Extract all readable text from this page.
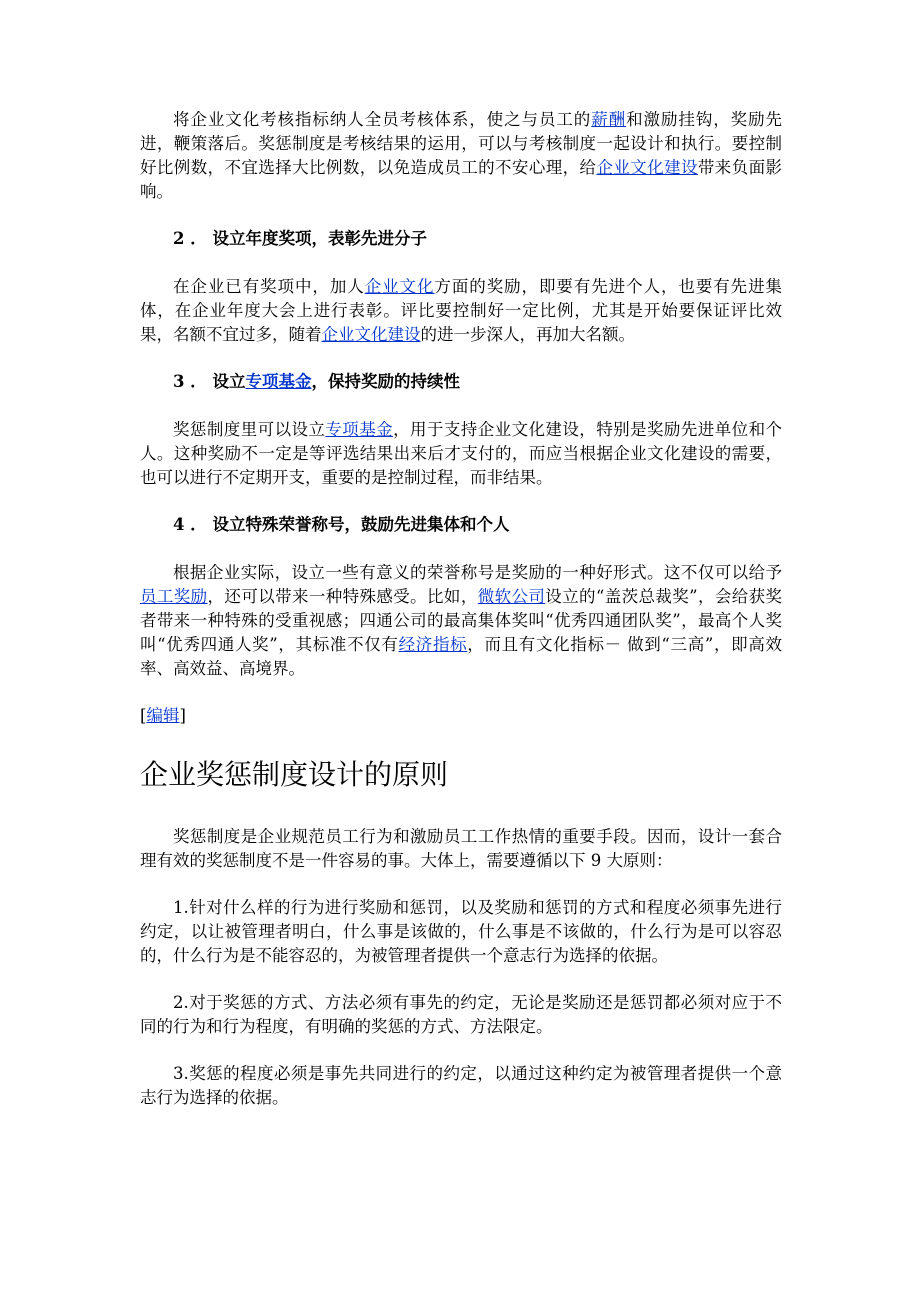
将企业文化考核指标纳人全员考核体系，使之与员工的薪酬和激励挂钩，奖励先进，鞭策落后。奖惩制度是考核结果的运用，可以与考核制度一起设计和执行。要控制好比例数，不宜选择大比例数，以免造成员工的不安心理，给企业文化建设带来负面影响。

2 ． 设立年度奖项，表彰先进分子

在企业已有奖项中，加人企业文化方面的奖励，即要有先进个人，也要有先进集体，在企业年度大会上进行表彰。评比要控制好一定比例，尤其是开始要保证评比效果，名额不宜过多，随着企业文化建设的进一步深人，再加大名额。

3 ． 设立专项基金，保持奖励的持续性

奖惩制度里可以设立专项基金，用于支持企业文化建设，特别是奖励先进单位和个人。这种奖励不一定是等评选结果出来后才支付的，而应当根据企业文化建设的需要，也可以进行不定期开支，重要的是控制过程，而非结果。

4 ． 设立特殊荣誉称号，鼓励先进集体和个人

根据企业实际，设立一些有意义的荣誉称号是奖励的一种好形式。这不仅可以给予员工奖励，还可以带来一种特殊感受。比如，微软公司设立的“盖茨总裁奖”，会给获奖者带来一种特殊的受重视感；四通公司的最高集体奖叫“优秀四通团队奖”，最高个人奖叫“优秀四通人奖”，其标准不仅有经济指标，而且有文化指标－ 做到“三高”，即高效率、高效益、高境界。

[编辑]
企业奖惩制度设计的原则

奖惩制度是企业规范员工行为和激励员工工作热情的重要手段。因而，设计一套合理有效的奖惩制度不是一件容易的事。大体上，需要遵循以下 9 大原则：

1.针对什么样的行为进行奖励和惩罚，以及奖励和惩罚的方式和程度必须事先进行约定，以让被管理者明白，什么事是该做的，什么事是不该做的，什么行为是可以容忍的，什么行为是不能容忍的，为被管理者提供一个意志行为选择的依据。

2.对于奖惩的方式、方法必须有事先的约定，无论是奖励还是惩罚都必须对应于不同的行为和行为程度，有明确的奖惩的方式、方法限定。

3.奖惩的程度必须是事先共同进行的约定，以通过这种约定为被管理者提供一个意志行为选择的依据。
